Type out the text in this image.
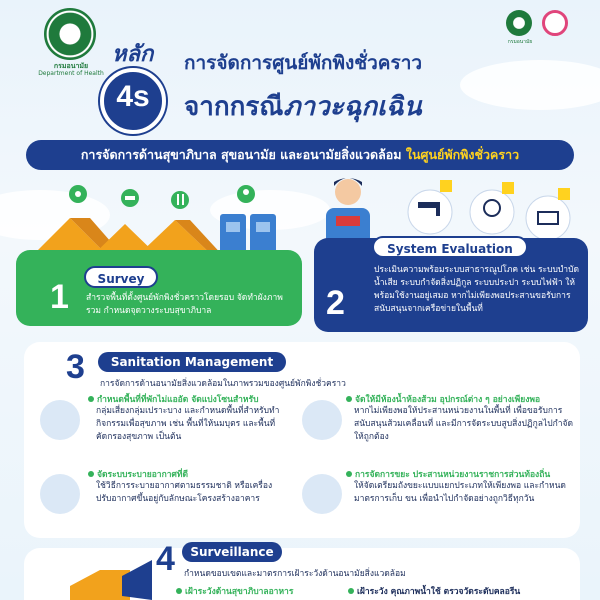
กรมอนามัย
Department of Health
กรมอนามัย
หลัก
4s
การจัดการศูนย์พักพิงชั่วคราว
จากกรณีภาวะฉุกเฉิน
การจัดการด้านสุขาภิบาล สุขอนามัย และอนามัยสิ่งแวดล้อม ในศูนย์พักพิงชั่วคราว
1	Survey
สำรวจพื้นที่ตั้งศูนย์พักพิงชั่วคราวโดยรอบ จัดทำผังภาพรวม กำหนดจุดวางระบบสุขาภิบาล	2
System Evaluation
ประเมินความพร้อมระบบสาธารณูปโภค เช่น ระบบบำบัดน้ำเสีย ระบบกำจัดสิ่งปฏิกูล ระบบประปา ระบบไฟฟ้า ให้พร้อมใช้งานอยู่เสมอ หากไม่เพียงพอประสานขอรับการสนับสนุนจากเครือข่ายในพื้นที่
3	Sanitation Management
การจัดการด้านอนามัยสิ่งแวดล้อมในภาพรวมของศูนย์พักพิงชั่วคราว
กำหนดพื้นที่ที่พักไม่แออัด จัดแบ่งโซนสำหรับ
กลุ่มเสี่ยงกลุ่มเปราะบาง และกำหนดพื้นที่สำหรับทำกิจกรรมเพื่อสุขภาพ เช่น พื้นที่ให้นมบุตร และพื้นที่คัดกรองสุขภาพ เป็นต้น
จัดให้มีห้องน้ำห้องส้วม อุปกรณ์ต่าง ๆ อย่างเพียงพอ
หากไม่เพียงพอให้ประสานหน่วยงานในพื้นที่ เพื่อขอรับการสนับสนุนส้วมเคลื่อนที่ และมีการจัดระบบสูบสิ่งปฏิกูลไปกำจัดให้ถูกต้อง
จัดระบบระบายอากาศที่ดี
ใช้วิธีการระบายอากาศตามธรรมชาติ หรือเครื่องปรับอากาศขึ้นอยู่กับลักษณะโครงสร้างอาคาร
การจัดการขยะ ประสานหน่วยงานราชการส่วนท้องถิ่น
ให้จัดเตรียมถังขยะแบบแยกประเภทให้เพียงพอ และกำหนดมาตรการเก็บ ขน เพื่อนำไปกำจัดอย่างถูกวิธีทุกวัน
4	Surveillance
กำหนดขอบเขตและมาตรการเฝ้าระวังด้านอนามัยสิ่งแวดล้อม
เฝ้าระวังด้านสุขาภิบาลอาหาร	เฝ้าระวัง คุณภาพน้ำใช้ ตรวจวัดระดับคลอรีน
